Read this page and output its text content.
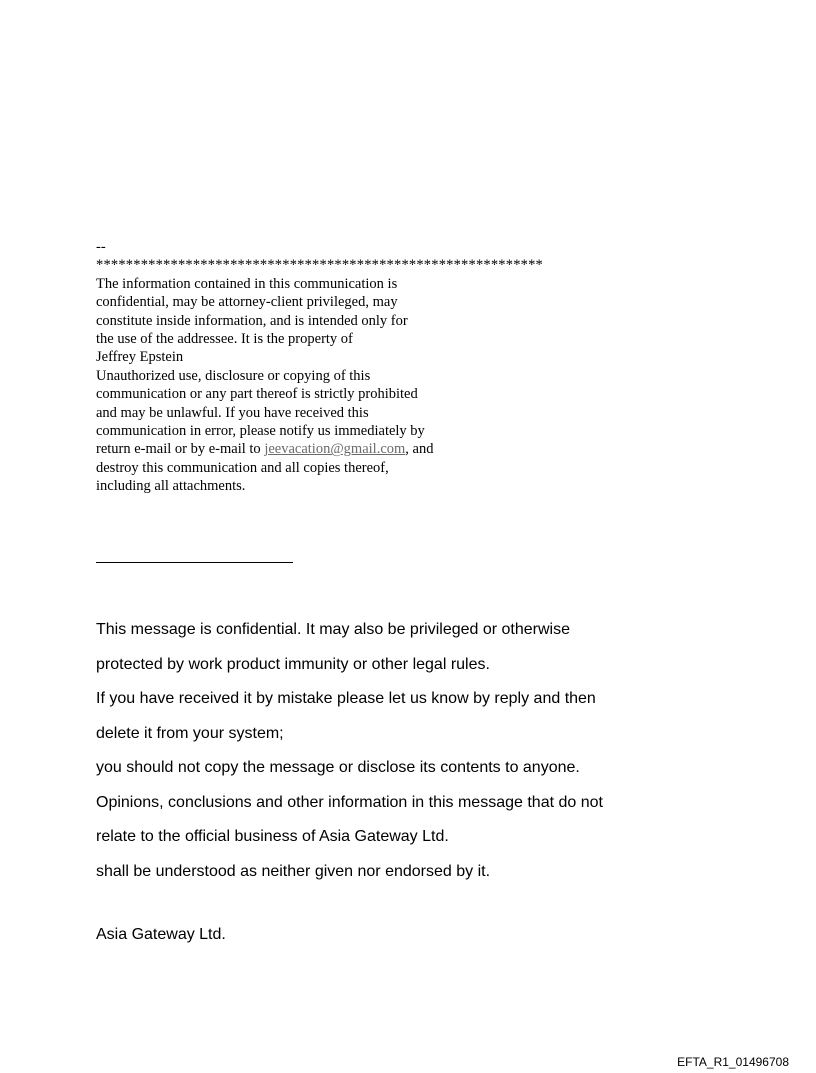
--
************************************************************
The information contained in this communication is
confidential, may be attorney-client privileged, may
constitute inside information, and is intended only for
the use of the addressee. It is the property of
Jeffrey Epstein
Unauthorized use, disclosure or copying of this
communication or any part thereof is strictly prohibited
and may be unlawful. If you have received this
communication in error, please notify us immediately by
return e-mail or by e-mail to jeevacation@gmail.com, and
destroy this communication and all copies thereof,
including all attachments.
This message is confidential. It may also be privileged or otherwise
protected by work product immunity or other legal rules.
If you have received it by mistake please let us know by reply and then
delete it from your system;
you should not copy the message or disclose its contents to anyone.
Opinions, conclusions and other information in this message that do not
relate to the official business of Asia Gateway Ltd.
shall be understood as neither given nor endorsed by it.
Asia Gateway Ltd.
EFTA_R1_01496708
